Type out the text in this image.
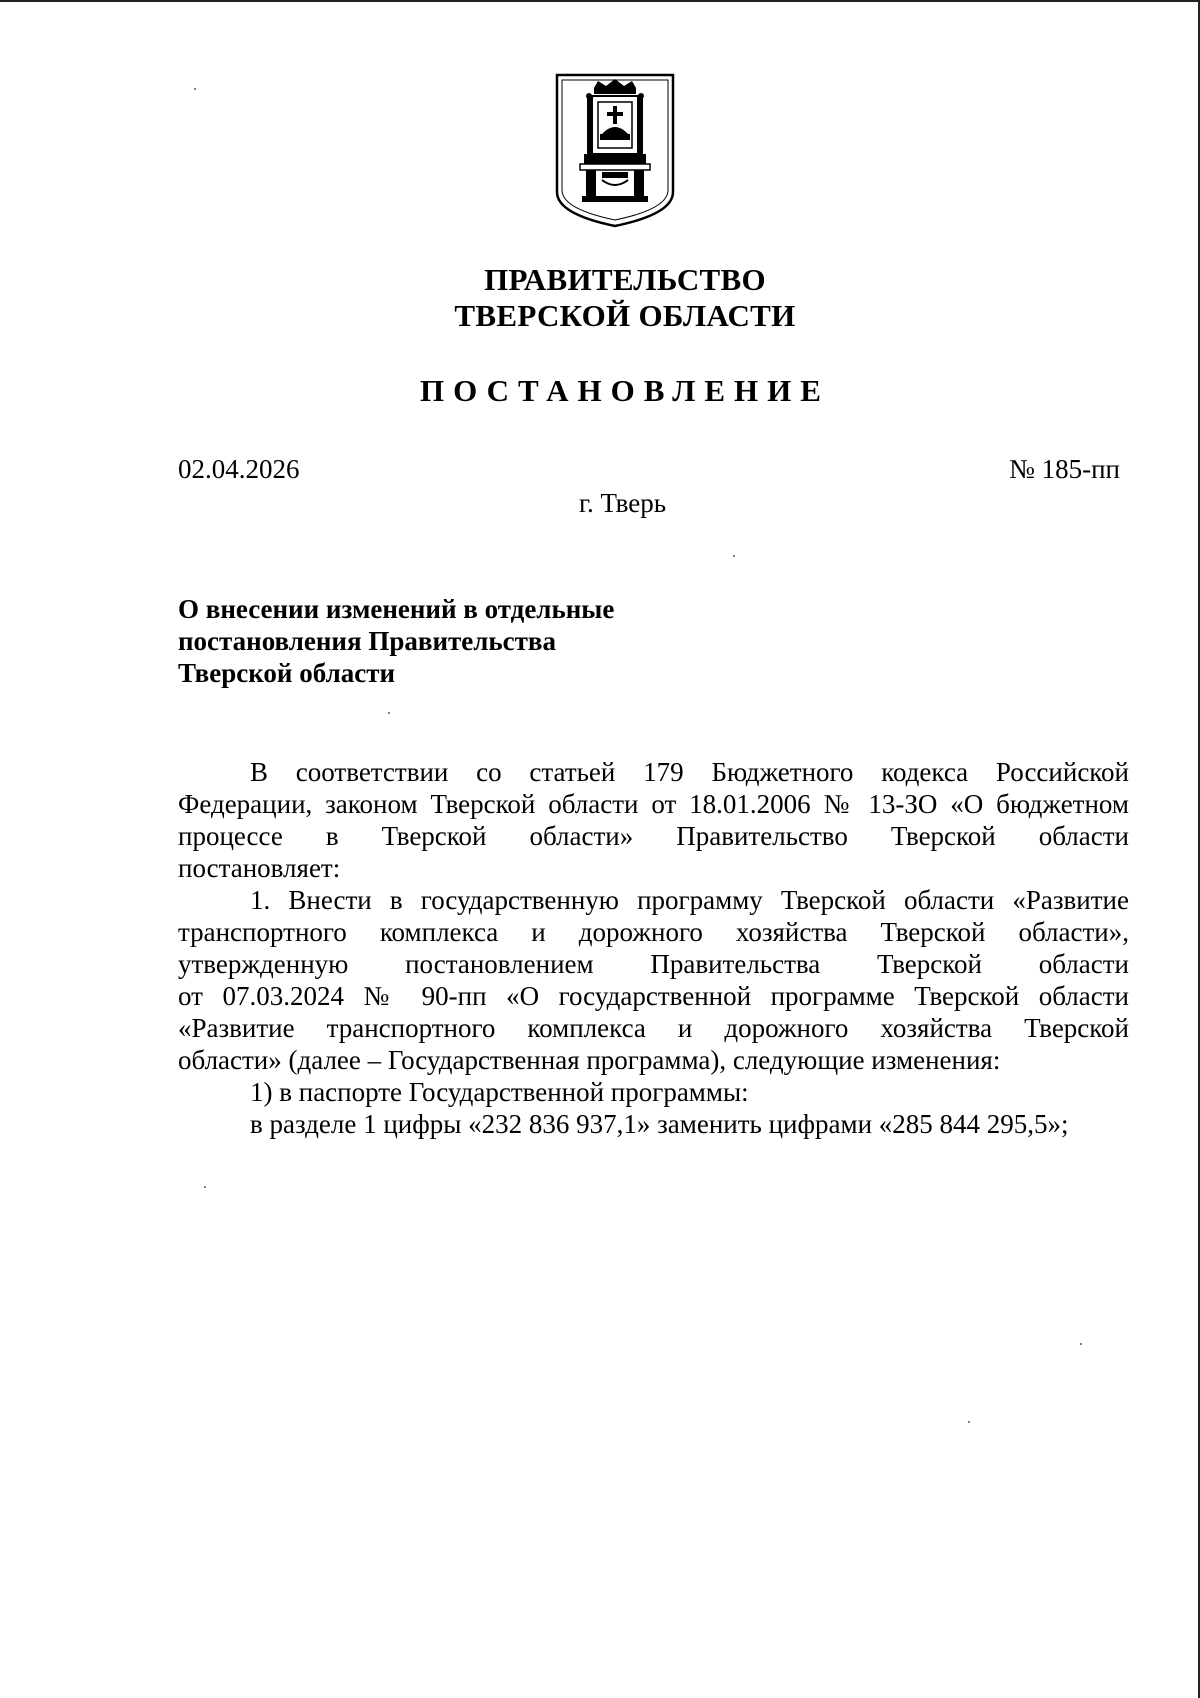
ПРАВИТЕЛЬСТВО
ТВЕРСКОЙ ОБЛАСТИ
ПОСТАНОВЛЕНИЕ
02.04.2026	№ 185-пп
г. Тверь
О внесении изменений в отдельные
постановления Правительства
Тверской области
В соответствии со статьей 179 Бюджетного кодекса Российской
Федерации, законом Тверской области от 18.01.2006 № 13-ЗО «О бюджетном
процессе в Тверской области» Правительство Тверской области
постановляет:
1. Внести в государственную программу Тверской области «Развитие
транспортного комплекса и дорожного хозяйства Тверской области»,
утвержденную постановлением Правительства Тверской области
от 07.03.2024 № 90-пп «О государственной программе Тверской области
«Развитие транспортного комплекса и дорожного хозяйства Тверской
области» (далее – Государственная программа), следующие изменения:
1) в паспорте Государственной программы:
в разделе 1 цифры «232 836 937,1» заменить цифрами «285 844 295,5»;
